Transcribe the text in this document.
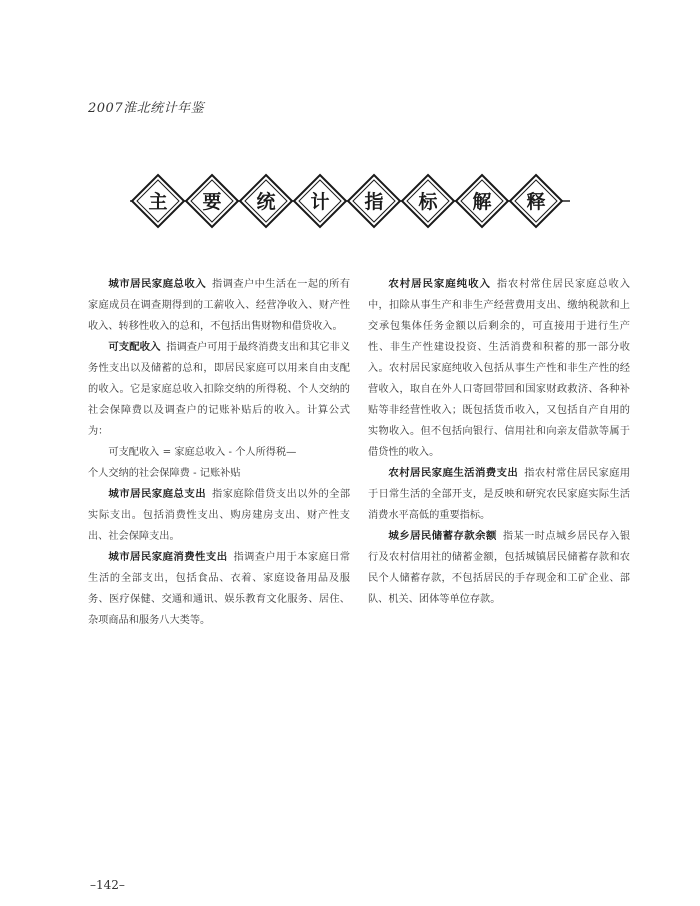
2007淮北统计年鉴
主 要 统 计 指 标 解 释

城市居民家庭总收入 指调查户中生活在一起的所有家庭成员在调查期得到的工薪收入、经营净收入、财产性收入、转移性收入的总和，不包括出售财物和借贷收入。

可支配收入 指调查户可用于最终消费支出和其它非义务性支出以及储蓄的总和，即居民家庭可以用来自由支配的收入。它是家庭总收入扣除交纳的所得税、个人交纳的社会保障费以及调查户的记账补贴后的收入。计算公式为：

可支配收入 = 家庭总收入 - 个人所得税—

个人交纳的社会保障费 - 记账补贴

城市居民家庭总支出 指家庭除借贷支出以外的全部实际支出。包括消费性支出、购房建房支出、财产性支出、社会保障支出。

城市居民家庭消费性支出 指调查户用于本家庭日常生活的全部支出，包括食品、衣着、家庭设备用品及服务、医疗保健、交通和通讯、娱乐教育文化服务、居住、杂项商品和服务八大类等。

农村居民家庭纯收入 指农村常住居民家庭总收入中，扣除从事生产和非生产经营费用支出、缴纳税款和上交承包集体任务金额以后剩余的，可直接用于进行生产性、非生产性建设投资、生活消费和积蓄的那一部分收入。农村居民家庭纯收入包括从事生产性和非生产性的经营收入，取自在外人口寄回带回和国家财政救济、各种补贴等非经营性收入；既包括货币收入，又包括自产自用的实物收入。但不包括向银行、信用社和向亲友借款等属于借贷性的收入。

农村居民家庭生活消费支出 指农村常住居民家庭用于日常生活的全部开支，是反映和研究农民家庭实际生活消费水平高低的重要指标。

城乡居民储蓄存款余额 指某一时点城乡居民存入银行及农村信用社的储蓄金额，包括城镇居民储蓄存款和农民个人储蓄存款，不包括居民的手存现金和工矿企业、部队、机关、团体等单位存款。

–142–
